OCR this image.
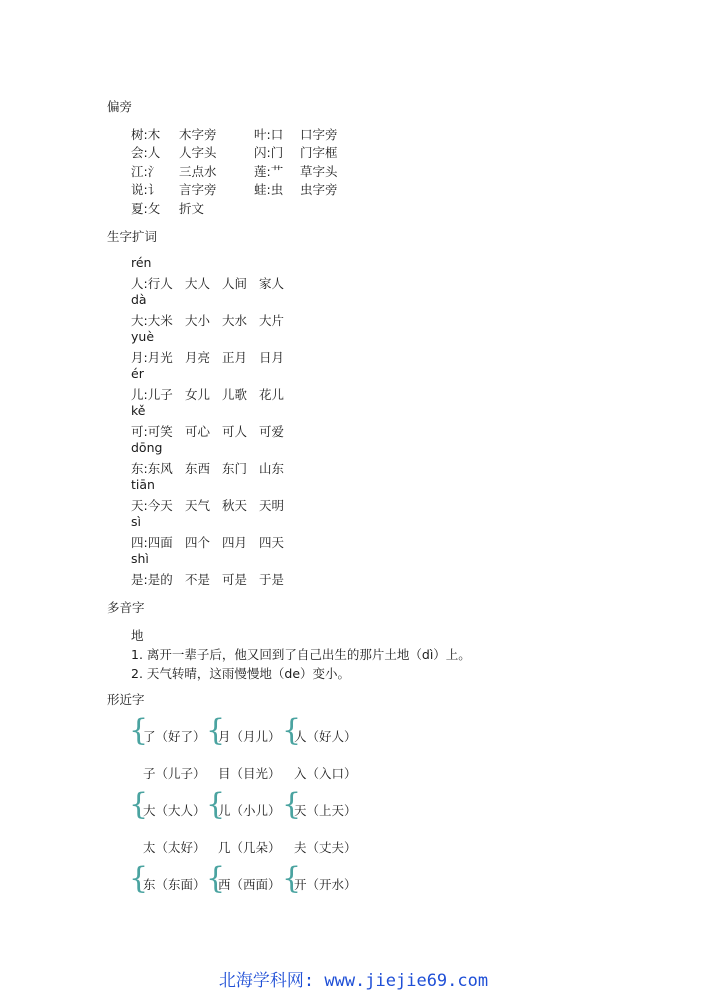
偏旁
树:木 木字旁	叶:口 口字旁
会:人 人字头	闪:门 门字框
江:氵 三点水	莲:艹 草字头
说:讠 言字旁	蛙:虫 虫字旁
夏:攵 折文
生字扩词
rén
人:行人 大人 人间 家人
dà
大:大米 大小 大水 大片
yuè
月:月光 月亮 正月 日月
ér
儿:儿子 女儿 儿歌 花儿
kě
可:可笑 可心 可人 可爱
dōng
东:东风 东西 东门 山东
tiān
天:今天 天气 秋天 天明
sì
四:四面 四个 四月 四天
shì
是:是的 不是 可是 于是
多音字
地
1. 离开一辈子后，他又回到了自己出生的那片土地（dì）上。
2. 天气转晴，这雨慢慢地（de）变小。
形近字
{ { {
了（好了） 月（月儿） 人（好人）
子（儿子） 目（目光） 入（入口）
{ { {
大（大人） 儿（小儿） 天（上天）
太（太好） 几（几朵） 夫（丈夫）
{ { {
东（东面） 西（西面） 开（开水）
北海学科网: www.jiejie69.com
